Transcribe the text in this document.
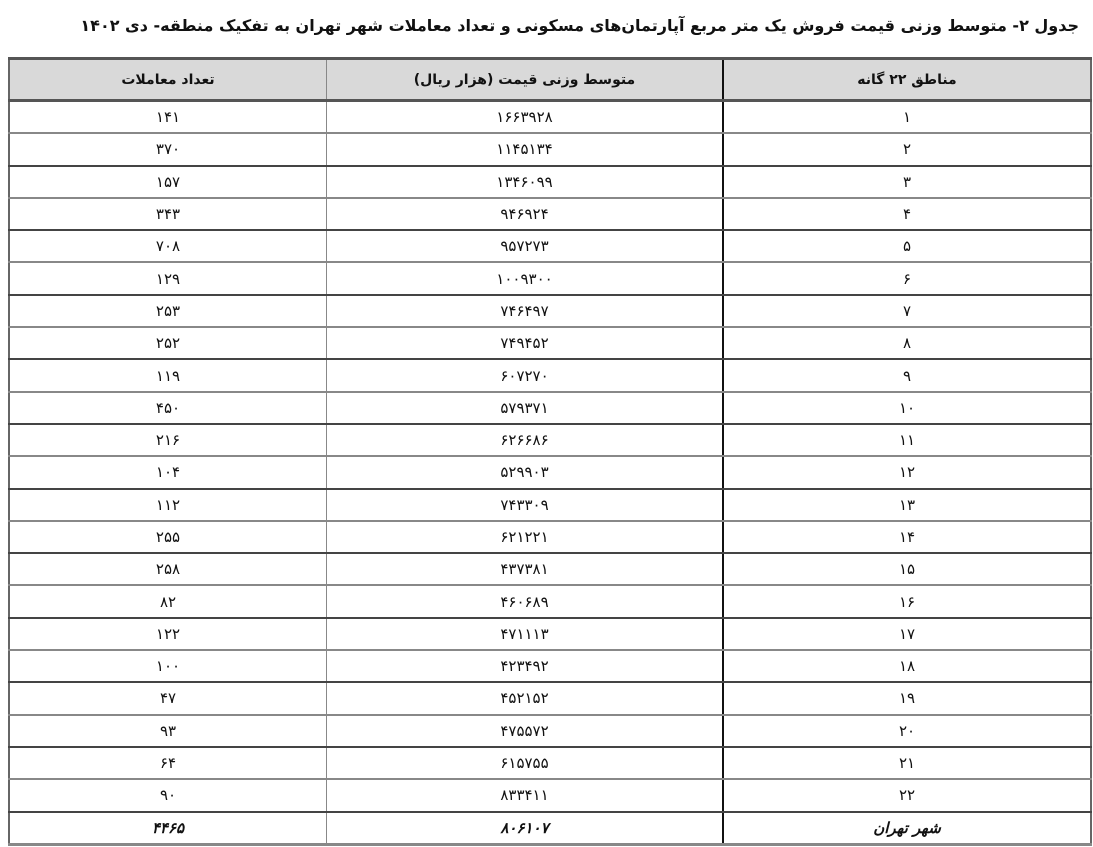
جدول ۲- متوسط وزنی قیمت فروش یک متر مربع آپارتمان‌های مسکونی و تعداد معاملات شهر تهران به تفکیک منطقه- دی ۱۴۰۲
مناطق ۲۲ گانه	متوسط وزنی قیمت (هزار ریال)	تعداد معاملات
۱	۱۶۶۳۹۲۸	۱۴۱
۲	۱۱۴۵۱۳۴	۳۷۰
۳	۱۳۴۶۰۹۹	۱۵۷
۴	۹۴۶۹۲۴	۳۴۳
۵	۹۵۷۲۷۳	۷۰۸
۶	۱۰۰۹۳۰۰	۱۲۹
۷	۷۴۶۴۹۷	۲۵۳
۸	۷۴۹۴۵۲	۲۵۲
۹	۶۰۷۲۷۰	۱۱۹
۱۰	۵۷۹۳۷۱	۴۵۰
۱۱	۶۲۶۶۸۶	۲۱۶
۱۲	۵۲۹۹۰۳	۱۰۴
۱۳	۷۴۳۳۰۹	۱۱۲
۱۴	۶۲۱۲۲۱	۲۵۵
۱۵	۴۳۷۳۸۱	۲۵۸
۱۶	۴۶۰۶۸۹	۸۲
۱۷	۴۷۱۱۱۳	۱۲۲
۱۸	۴۲۳۴۹۲	۱۰۰
۱۹	۴۵۲۱۵۲	۴۷
۲۰	۴۷۵۵۷۲	۹۳
۲۱	۶۱۵۷۵۵	۶۴
۲۲	۸۳۳۴۱۱	۹۰
شهر تهران	۸۰۶۱۰۷	۴۴۶۵
